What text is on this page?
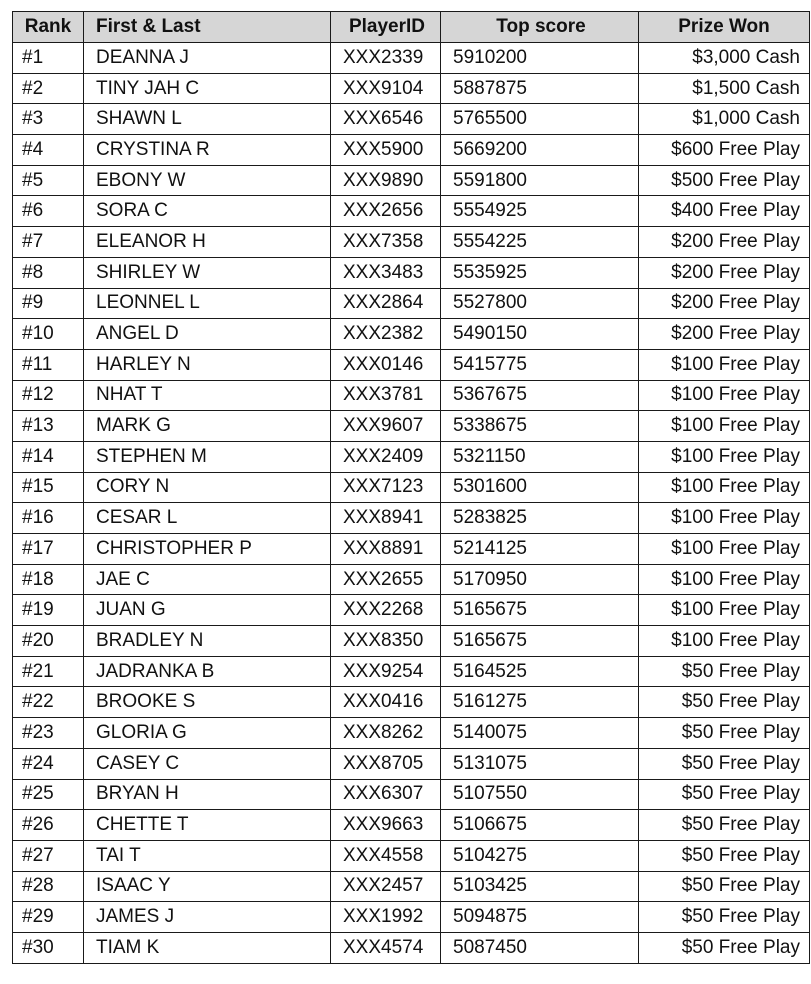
Rank	First & Last	PlayerID	Top score	Prize Won
#1	DEANNA J	XXX2339	5910200	$3,000 Cash
#2	TINY JAH C	XXX9104	5887875	$1,500 Cash
#3	SHAWN L	XXX6546	5765500	$1,000 Cash
#4	CRYSTINA R	XXX5900	5669200	$600 Free Play
#5	EBONY W	XXX9890	5591800	$500 Free Play
#6	SORA C	XXX2656	5554925	$400 Free Play
#7	ELEANOR H	XXX7358	5554225	$200 Free Play
#8	SHIRLEY W	XXX3483	5535925	$200 Free Play
#9	LEONNEL L	XXX2864	5527800	$200 Free Play
#10	ANGEL D	XXX2382	5490150	$200 Free Play
#11	HARLEY N	XXX0146	5415775	$100 Free Play
#12	NHAT T	XXX3781	5367675	$100 Free Play
#13	MARK G	XXX9607	5338675	$100 Free Play
#14	STEPHEN M	XXX2409	5321150	$100 Free Play
#15	CORY N	XXX7123	5301600	$100 Free Play
#16	CESAR L	XXX8941	5283825	$100 Free Play
#17	CHRISTOPHER P	XXX8891	5214125	$100 Free Play
#18	JAE C	XXX2655	5170950	$100 Free Play
#19	JUAN G	XXX2268	5165675	$100 Free Play
#20	BRADLEY N	XXX8350	5165675	$100 Free Play
#21	JADRANKA B	XXX9254	5164525	$50 Free Play
#22	BROOKE S	XXX0416	5161275	$50 Free Play
#23	GLORIA G	XXX8262	5140075	$50 Free Play
#24	CASEY C	XXX8705	5131075	$50 Free Play
#25	BRYAN H	XXX6307	5107550	$50 Free Play
#26	CHETTE T	XXX9663	5106675	$50 Free Play
#27	TAI T	XXX4558	5104275	$50 Free Play
#28	ISAAC Y	XXX2457	5103425	$50 Free Play
#29	JAMES J	XXX1992	5094875	$50 Free Play
#30	TIAM K	XXX4574	5087450	$50 Free Play
